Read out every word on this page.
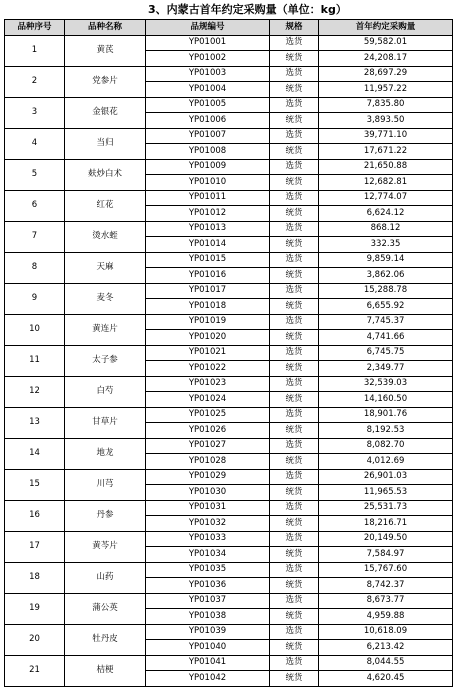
3、内蒙古首年约定采购量（单位：kg）
品种序号	品种名称	品规编号	规格	首年约定采购量
1	黄芪	YP01001	选货	59,582.01
		YP01002	统货	24,208.17
2	党参片	YP01003	选货	28,697.29
		YP01004	统货	11,957.22
3	金银花	YP01005	选货	7,835.80
		YP01006	统货	3,893.50
4	当归	YP01007	选货	39,771.10
		YP01008	统货	17,671.22
5	麸炒白术	YP01009	选货	21,650.88
		YP01010	统货	12,682.81
6	红花	YP01011	选货	12,774.07
		YP01012	统货	6,624.12
7	烫水蛭	YP01013	选货	868.12
		YP01014	统货	332.35
8	天麻	YP01015	选货	9,859.14
		YP01016	统货	3,862.06
9	麦冬	YP01017	选货	15,288.78
		YP01018	统货	6,655.92
10	黄连片	YP01019	选货	7,745.37
		YP01020	统货	4,741.66
11	太子参	YP01021	选货	6,745.75
		YP01022	统货	2,349.77
12	白芍	YP01023	选货	32,539.03
		YP01024	统货	14,160.50
13	甘草片	YP01025	选货	18,901.76
		YP01026	统货	8,192.53
14	地龙	YP01027	选货	8,082.70
		YP01028	统货	4,012.69
15	川芎	YP01029	选货	26,901.03
		YP01030	统货	11,965.53
16	丹参	YP01031	选货	25,531.73
		YP01032	统货	18,216.71
17	黄芩片	YP01033	选货	20,149.50
		YP01034	统货	7,584.97
18	山药	YP01035	选货	15,767.60
		YP01036	统货	8,742.37
19	蒲公英	YP01037	选货	8,673.77
		YP01038	统货	4,959.88
20	牡丹皮	YP01039	选货	10,618.09
		YP01040	统货	6,213.42
21	桔梗	YP01041	选货	8,044.55
		YP01042	统货	4,620.45
